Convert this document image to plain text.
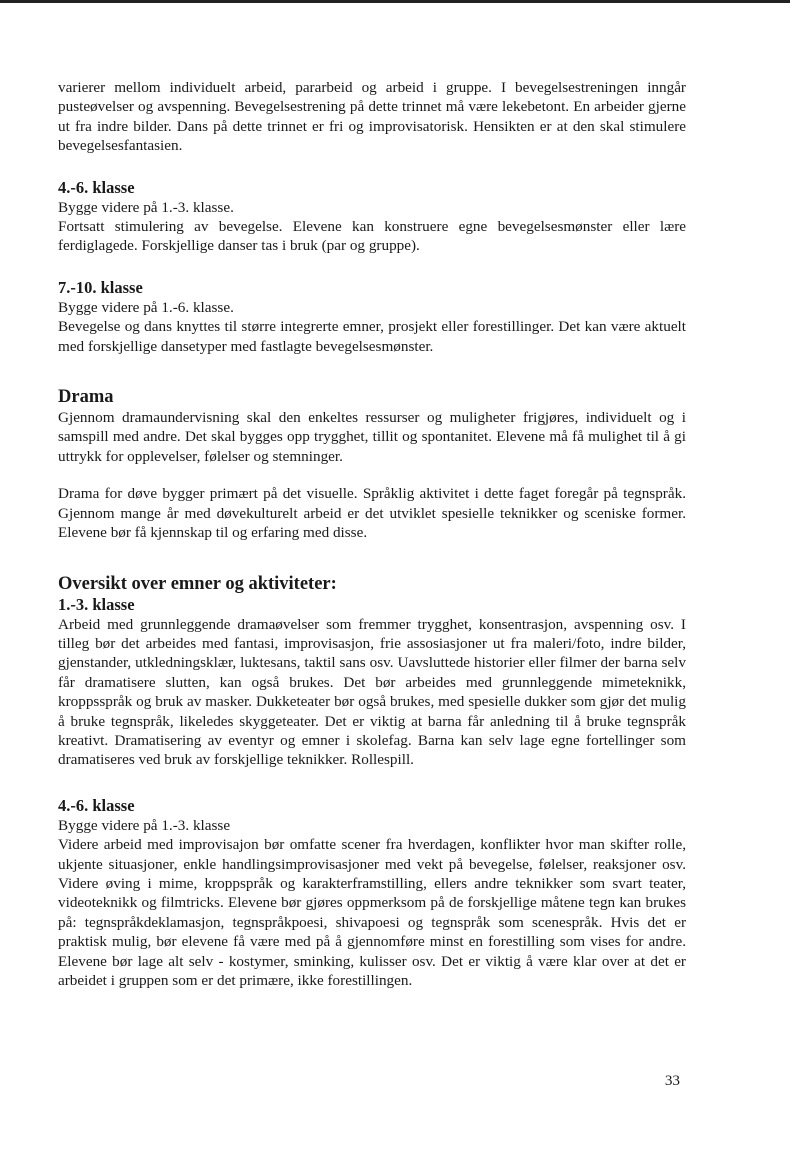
varierer mellom individuelt arbeid, pararbeid og arbeid i gruppe. I bevegelsestreningen inngår pusteøvelser og avspenning. Bevegelsestrening på dette trinnet må være lekebetont. En arbeider gjerne ut fra indre bilder. Dans på dette trinnet er fri og improvisatorisk. Hensikten er at den skal stimulere bevegelsesfantasien.

4.-6. klasse

Bygge videre på 1.-3. klasse.

Fortsatt stimulering av bevegelse. Elevene kan konstruere egne bevegelsesmønster eller lære ferdiglagede. Forskjellige danser tas i bruk (par og gruppe).

7.-10. klasse

Bygge videre på 1.-6. klasse.

Bevegelse og dans knyttes til større integrerte emner, prosjekt eller forestillinger. Det kan være aktuelt med forskjellige dansetyper med fastlagte bevegelsesmønster.

Drama

Gjennom dramaundervisning skal den enkeltes ressurser og muligheter frigjøres, individuelt og i samspill med andre. Det skal bygges opp trygghet, tillit og spontanitet. Elevene må få mulighet til å gi uttrykk for opplevelser, følelser og stemninger.

Drama for døve bygger primært på det visuelle. Språklig aktivitet i dette faget foregår på tegnspråk. Gjennom mange år med døvekulturelt arbeid er det utviklet spesielle teknikker og sceniske former. Elevene bør få kjennskap til og erfaring med disse.

Oversikt over emner og aktiviteter:
1.-3. klasse

Arbeid med grunnleggende dramaøvelser som fremmer trygghet, konsentrasjon, avspenning osv. I tilleg bør det arbeides med fantasi, improvisasjon, frie assosiasjoner ut fra maleri/foto, indre bilder, gjenstander, utkledningsklær, luktesans, taktil sans osv. Uavsluttede historier eller filmer der barna selv får dramatisere slutten, kan også brukes. Det bør arbeides med grunnleggende mimeteknikk, kroppsspråk og bruk av masker. Dukketeater bør også brukes, med spesielle dukker som gjør det mulig å bruke tegnspråk, likeledes skyggeteater. Det er viktig at barna får anledning til å bruke tegnspråk kreativt. Dramatisering av eventyr og emner i skolefag. Barna kan selv lage egne fortellinger som dramatiseres ved bruk av forskjellige teknikker. Rollespill.

4.-6. klasse

Bygge videre på 1.-3. klasse

Videre arbeid med improvisajon bør omfatte scener fra hverdagen, konflikter hvor man skifter rolle, ukjente situasjoner, enkle handlingsimprovisasjoner med vekt på bevegelse, følelser, reaksjoner osv. Videre øving i mime, kroppspråk og karakterframstilling, ellers andre teknikker som svart teater, videoteknikk og filmtricks. Elevene bør gjøres oppmerksom på de forskjellige måtene tegn kan brukes på: tegnspråkdeklamasjon, tegnspråkpoesi, shivapoesi og tegnspråk som scenespråk. Hvis det er praktisk mulig, bør elevene få være med på å gjennomføre minst en forestilling som vises for andre. Elevene bør lage alt selv - kostymer, sminking, kulisser osv. Det er viktig å være klar over at det er arbeidet i gruppen som er det primære, ikke forestillingen.

33
